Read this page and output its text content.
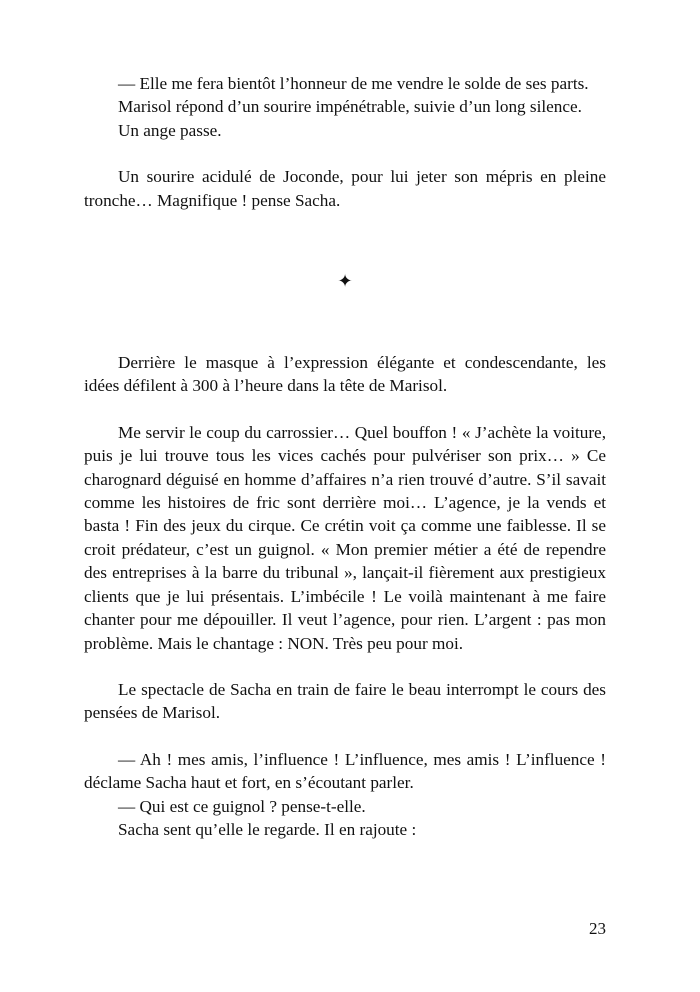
— Elle me fera bientôt l’honneur de me vendre le solde de ses parts.

Marisol répond d’un sourire impénétrable, suivie d’un long silence.

Un ange passe.

Un sourire acidulé de Joconde, pour lui jeter son mépris en pleine tronche… Magnifique ! pense Sacha.

✦

Derrière le masque à l’expression élégante et condescendante, les idées défilent à 300 à l’heure dans la tête de Marisol.

Me servir le coup du carrossier… Quel bouffon ! « J’achète la voiture, puis je lui trouve tous les vices cachés pour pulvériser son prix… » Ce charognard déguisé en homme d’affaires n’a rien trouvé d’autre. S’il savait comme les histoires de fric sont derrière moi… L’agence, je la vends et basta ! Fin des jeux du cirque. Ce crétin voit ça comme une faiblesse. Il se croit prédateur, c’est un guignol. « Mon premier métier a été de rependre des entreprises à la barre du tribunal », lançait-il fièrement aux prestigieux clients que je lui présentais. L’imbécile ! Le voilà maintenant à me faire chanter pour me dépouiller. Il veut l’agence, pour rien. L’argent : pas mon problème. Mais le chantage : NON. Très peu pour moi.

Le spectacle de Sacha en train de faire le beau interrompt le cours des pensées de Marisol.

— Ah ! mes amis, l’influence ! L’influence, mes amis ! L’influence ! déclame Sacha haut et fort, en s’écoutant parler.

— Qui est ce guignol ? pense-t-elle.

Sacha sent qu’elle le regarde. Il en rajoute :

23
